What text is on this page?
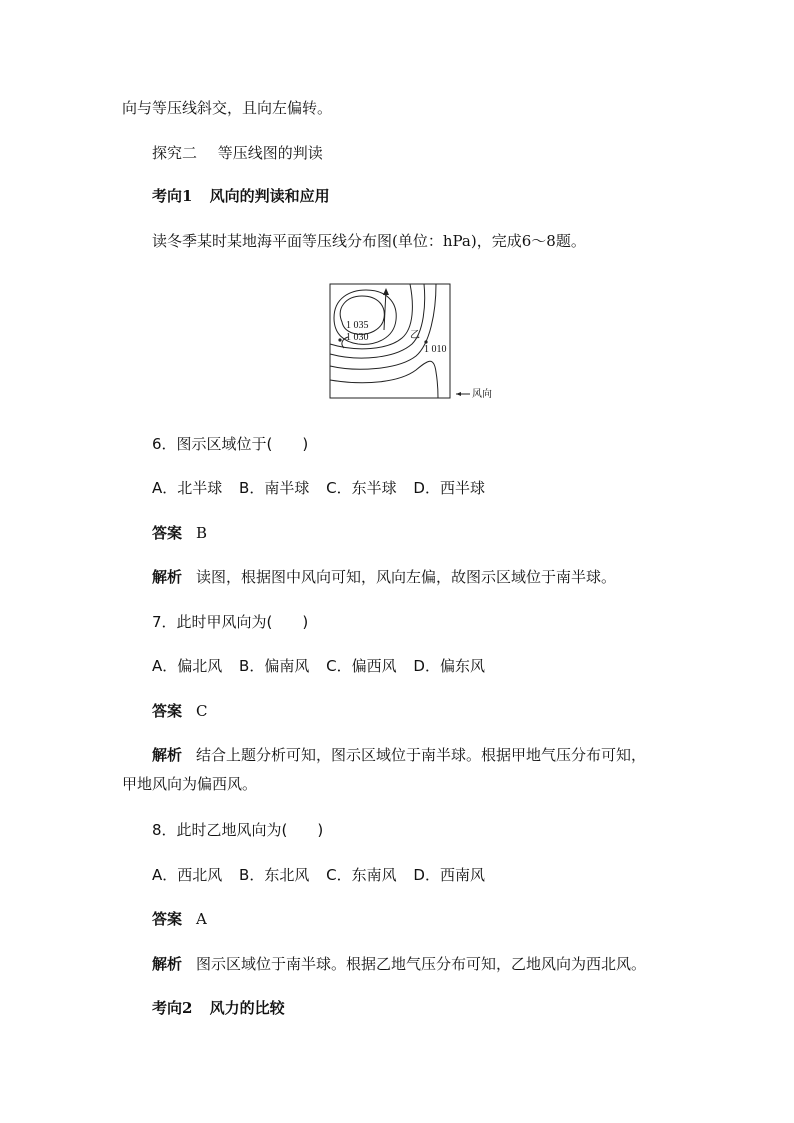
向与等压线斜交，且向左偏转。
探究二 等压线图的判读
考向1 风向的判读和应用
读冬季某时某地海平面等压线分布图(单位：hPa)，完成6～8题。
1 035
1 030
1 010
乙
风向
6．图示区域位于(　　)
A．北半球 B．南半球 C．东半球 D．西半球
答案 B
解析 读图，根据图中风向可知，风向左偏，故图示区域位于南半球。
7．此时甲风向为(　　)
A．偏北风 B．偏南风 C．偏西风 D．偏东风
答案 C
解析 结合上题分析可知，图示区域位于南半球。根据甲地气压分布可知，
甲地风向为偏西风。
8．此时乙地风向为(　　)
A．西北风 B．东北风 C．东南风 D．西南风
答案 A
解析 图示区域位于南半球。根据乙地气压分布可知，乙地风向为西北风。
考向2 风力的比较
